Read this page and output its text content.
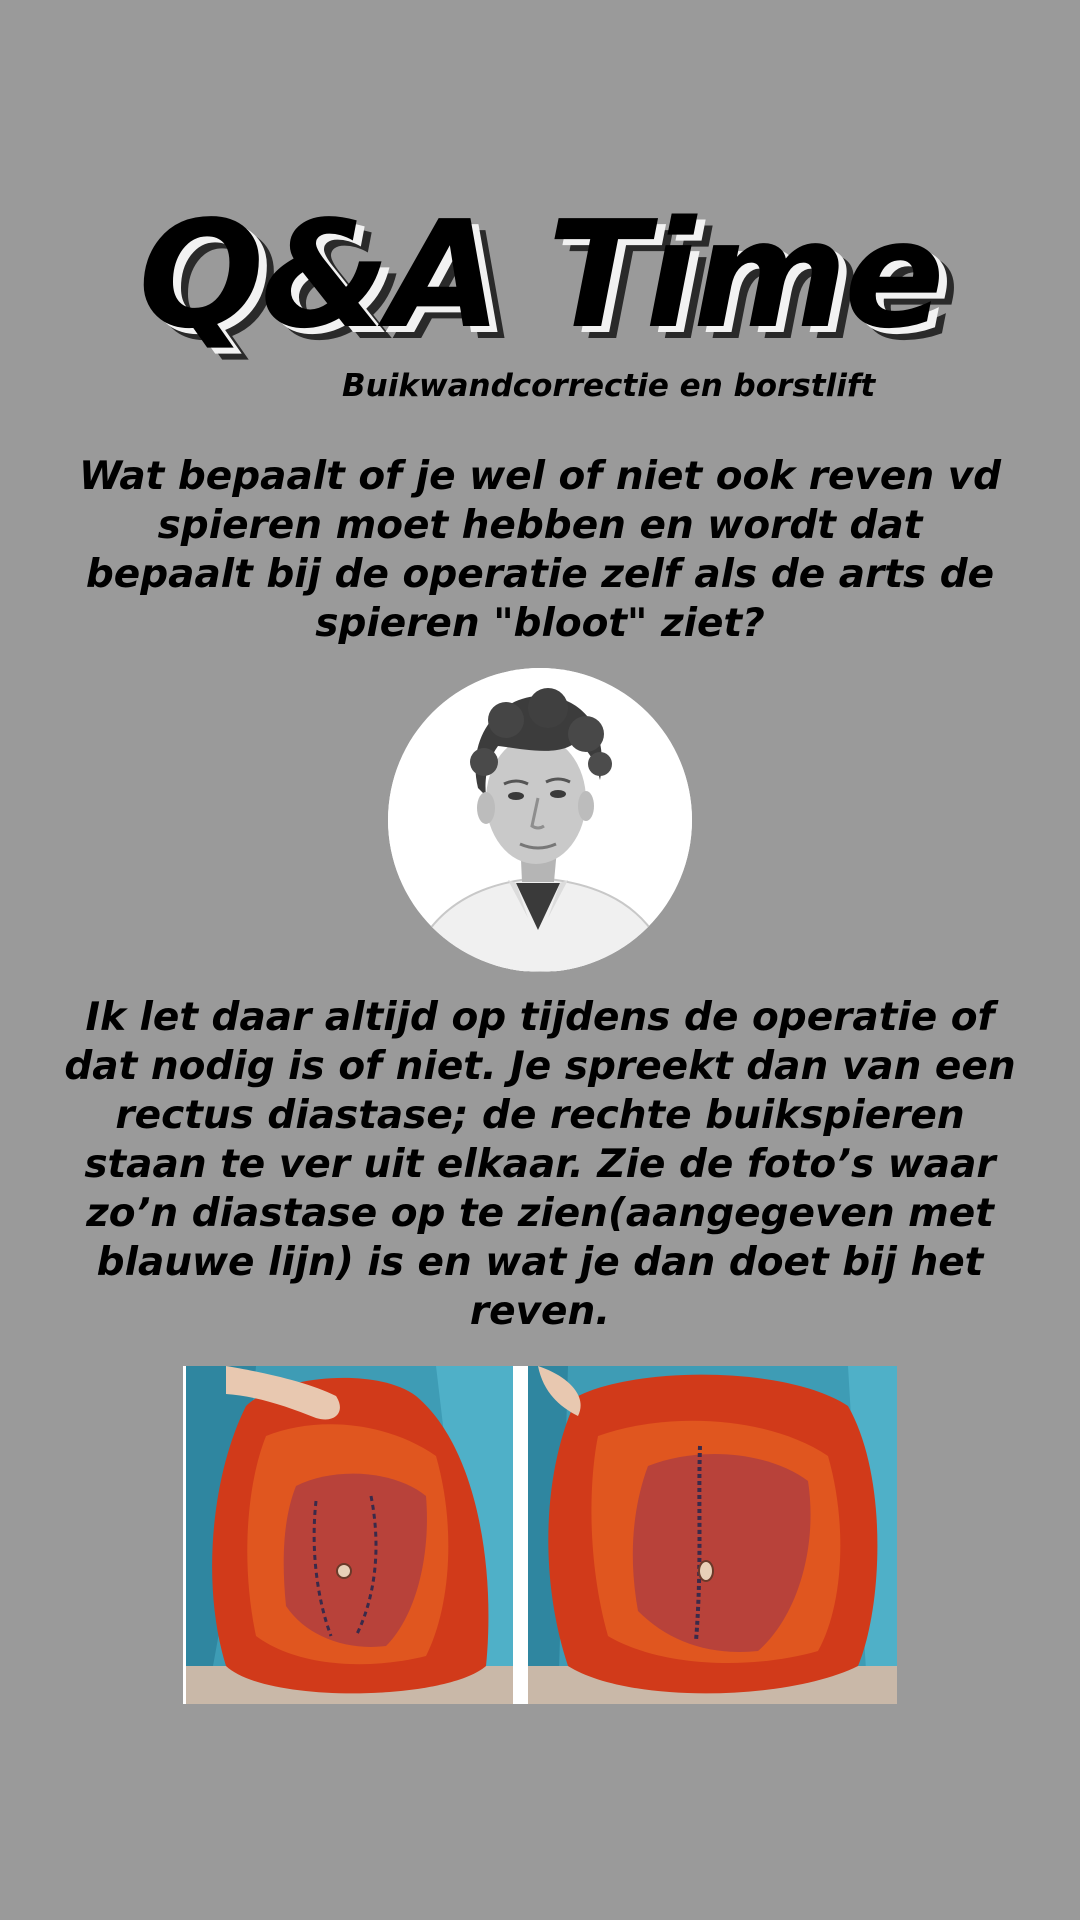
Q&A Time
Buikwandcorrectie en borstlift
Wat bepaalt of je wel of niet ook reven vd spieren moet hebben en wordt dat bepaalt bij de operatie zelf als de arts de spieren "bloot" ziet?
Ik let daar altijd op tijdens de operatie of dat nodig is of niet. Je spreekt dan van een rectus diastase; de rechte buikspieren staan te ver uit elkaar. Zie de foto’s waar zo’n diastase op te zien(aangegeven met blauwe lijn) is en wat je dan doet bij het reven.
